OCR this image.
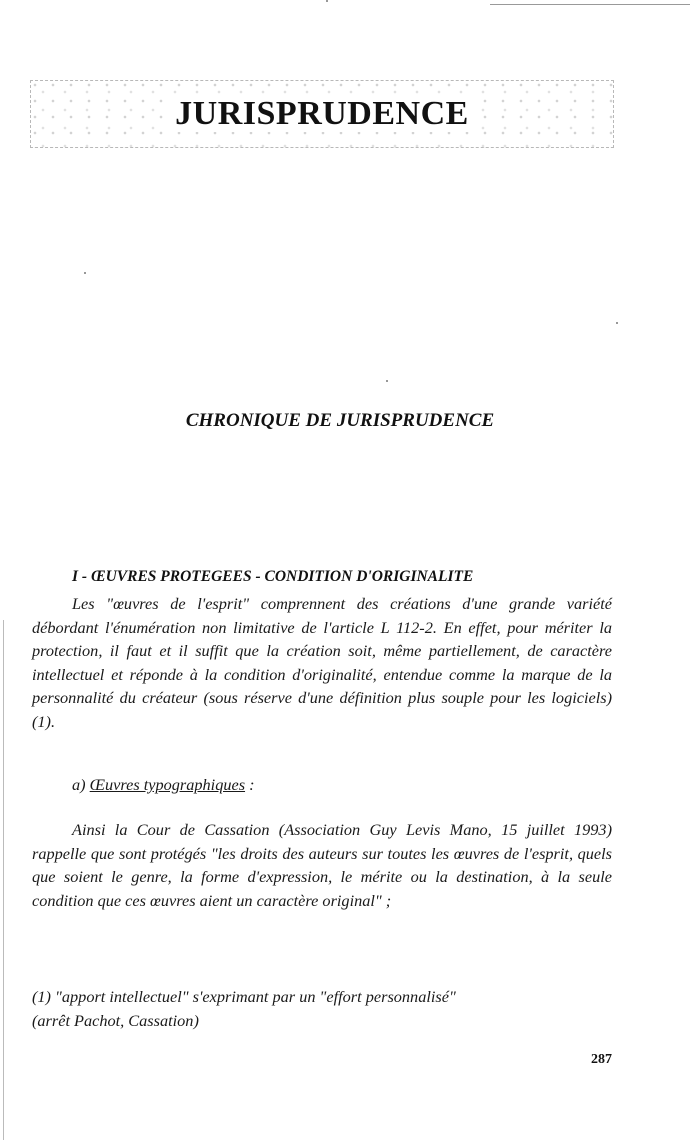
JURISPRUDENCE
CHRONIQUE DE JURISPRUDENCE
I - ŒUVRES PROTEGEES - CONDITION D'ORIGINALITE

Les "œuvres de l'esprit" comprennent des créations d'une grande variété débordant l'énumération non limitative de l'article L 112-2. En effet, pour mériter la protection, il faut et il suffit que la création soit, même partiellement, de caractère intellectuel et réponde à la condition d'originalité, entendue comme la marque de la personnalité du créateur (sous réserve d'une définition plus souple pour les logiciels) (1).

a) Œuvres typographiques :

Ainsi la Cour de Cassation (Association Guy Levis Mano, 15 juillet 1993) rappelle que sont protégés "les droits des auteurs sur toutes les œuvres de l'esprit, quels que soient le genre, la forme d'expression, le mérite ou la destination, à la seule condition que ces œuvres aient un caractère original" ;

(1) "apport intellectuel" s'exprimant par un "effort personnalisé"
(arrêt Pachot, Cassation)
287
